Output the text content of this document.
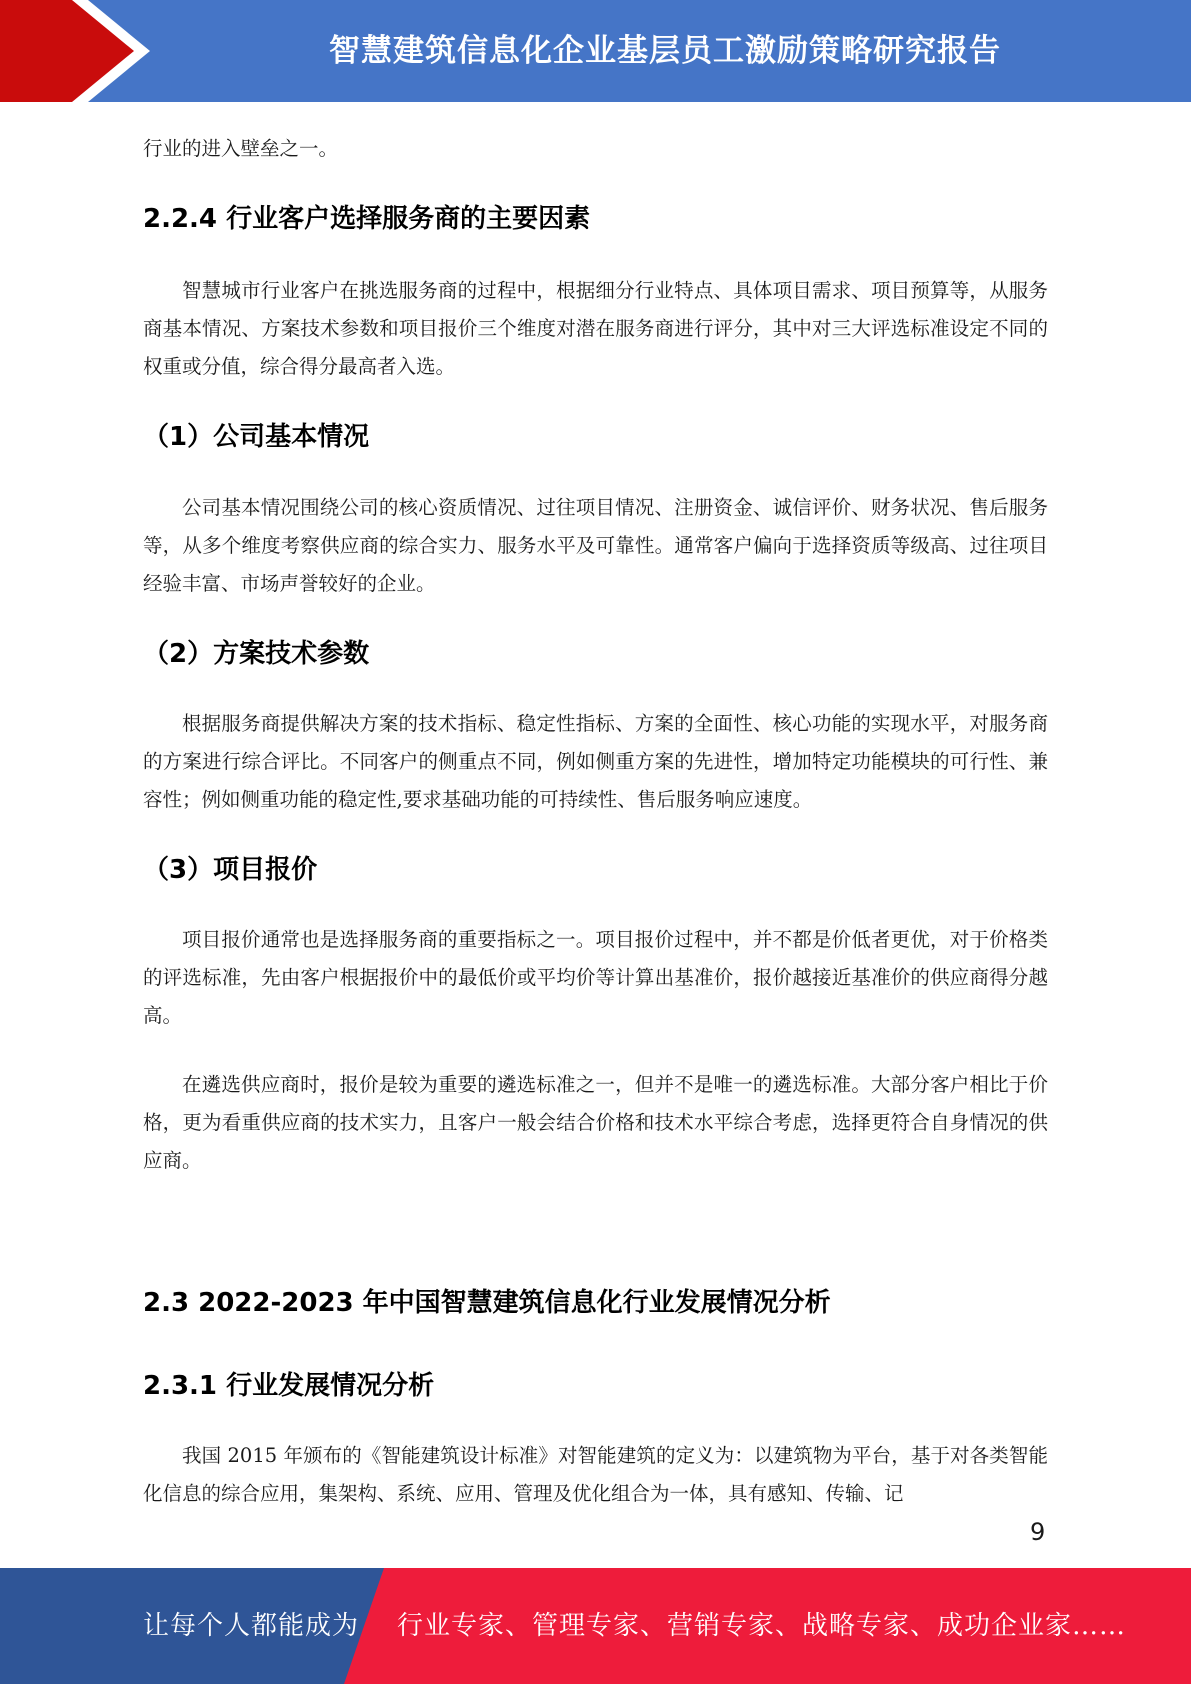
智慧建筑信息化企业基层员工激励策略研究报告

行业的进入壁垒之一。

2.2.4 行业客户选择服务商的主要因素

智慧城市行业客户在挑选服务商的过程中，根据细分行业特点、具体项目需求、项目预算等，从服务商基本情况、方案技术参数和项目报价三个维度对潜在服务商进行评分，其中对三大评选标准设定不同的权重或分值，综合得分最高者入选。

（1）公司基本情况

公司基本情况围绕公司的核心资质情况、过往项目情况、注册资金、诚信评价、财务状况、售后服务等，从多个维度考察供应商的综合实力、服务水平及可靠性。通常客户偏向于选择资质等级高、过往项目经验丰富、市场声誉较好的企业。

（2）方案技术参数

根据服务商提供解决方案的技术指标、稳定性指标、方案的全面性、核心功能的实现水平，对服务商的方案进行综合评比。不同客户的侧重点不同，例如侧重方案的先进性，增加特定功能模块的可行性、兼容性；例如侧重功能的稳定性,要求基础功能的可持续性、售后服务响应速度。

（3）项目报价

项目报价通常也是选择服务商的重要指标之一。项目报价过程中，并不都是价低者更优，对于价格类的评选标准，先由客户根据报价中的最低价或平均价等计算出基准价，报价越接近基准价的供应商得分越高。

在遴选供应商时，报价是较为重要的遴选标准之一，但并不是唯一的遴选标准。大部分客户相比于价格，更为看重供应商的技术实力，且客户一般会结合价格和技术水平综合考虑，选择更符合自身情况的供应商。

2.3 2022-2023 年中国智慧建筑信息化行业发展情况分析
2.3.1 行业发展情况分析

我国 2015 年颁布的《智能建筑设计标准》对智能建筑的定义为：以建筑物为平台，基于对各类智能化信息的综合应用，集架构、系统、应用、管理及优化组合为一体，具有感知、传输、记

9
让每个人都能成为 行业专家、管理专家、营销专家、战略专家、成功企业家……
